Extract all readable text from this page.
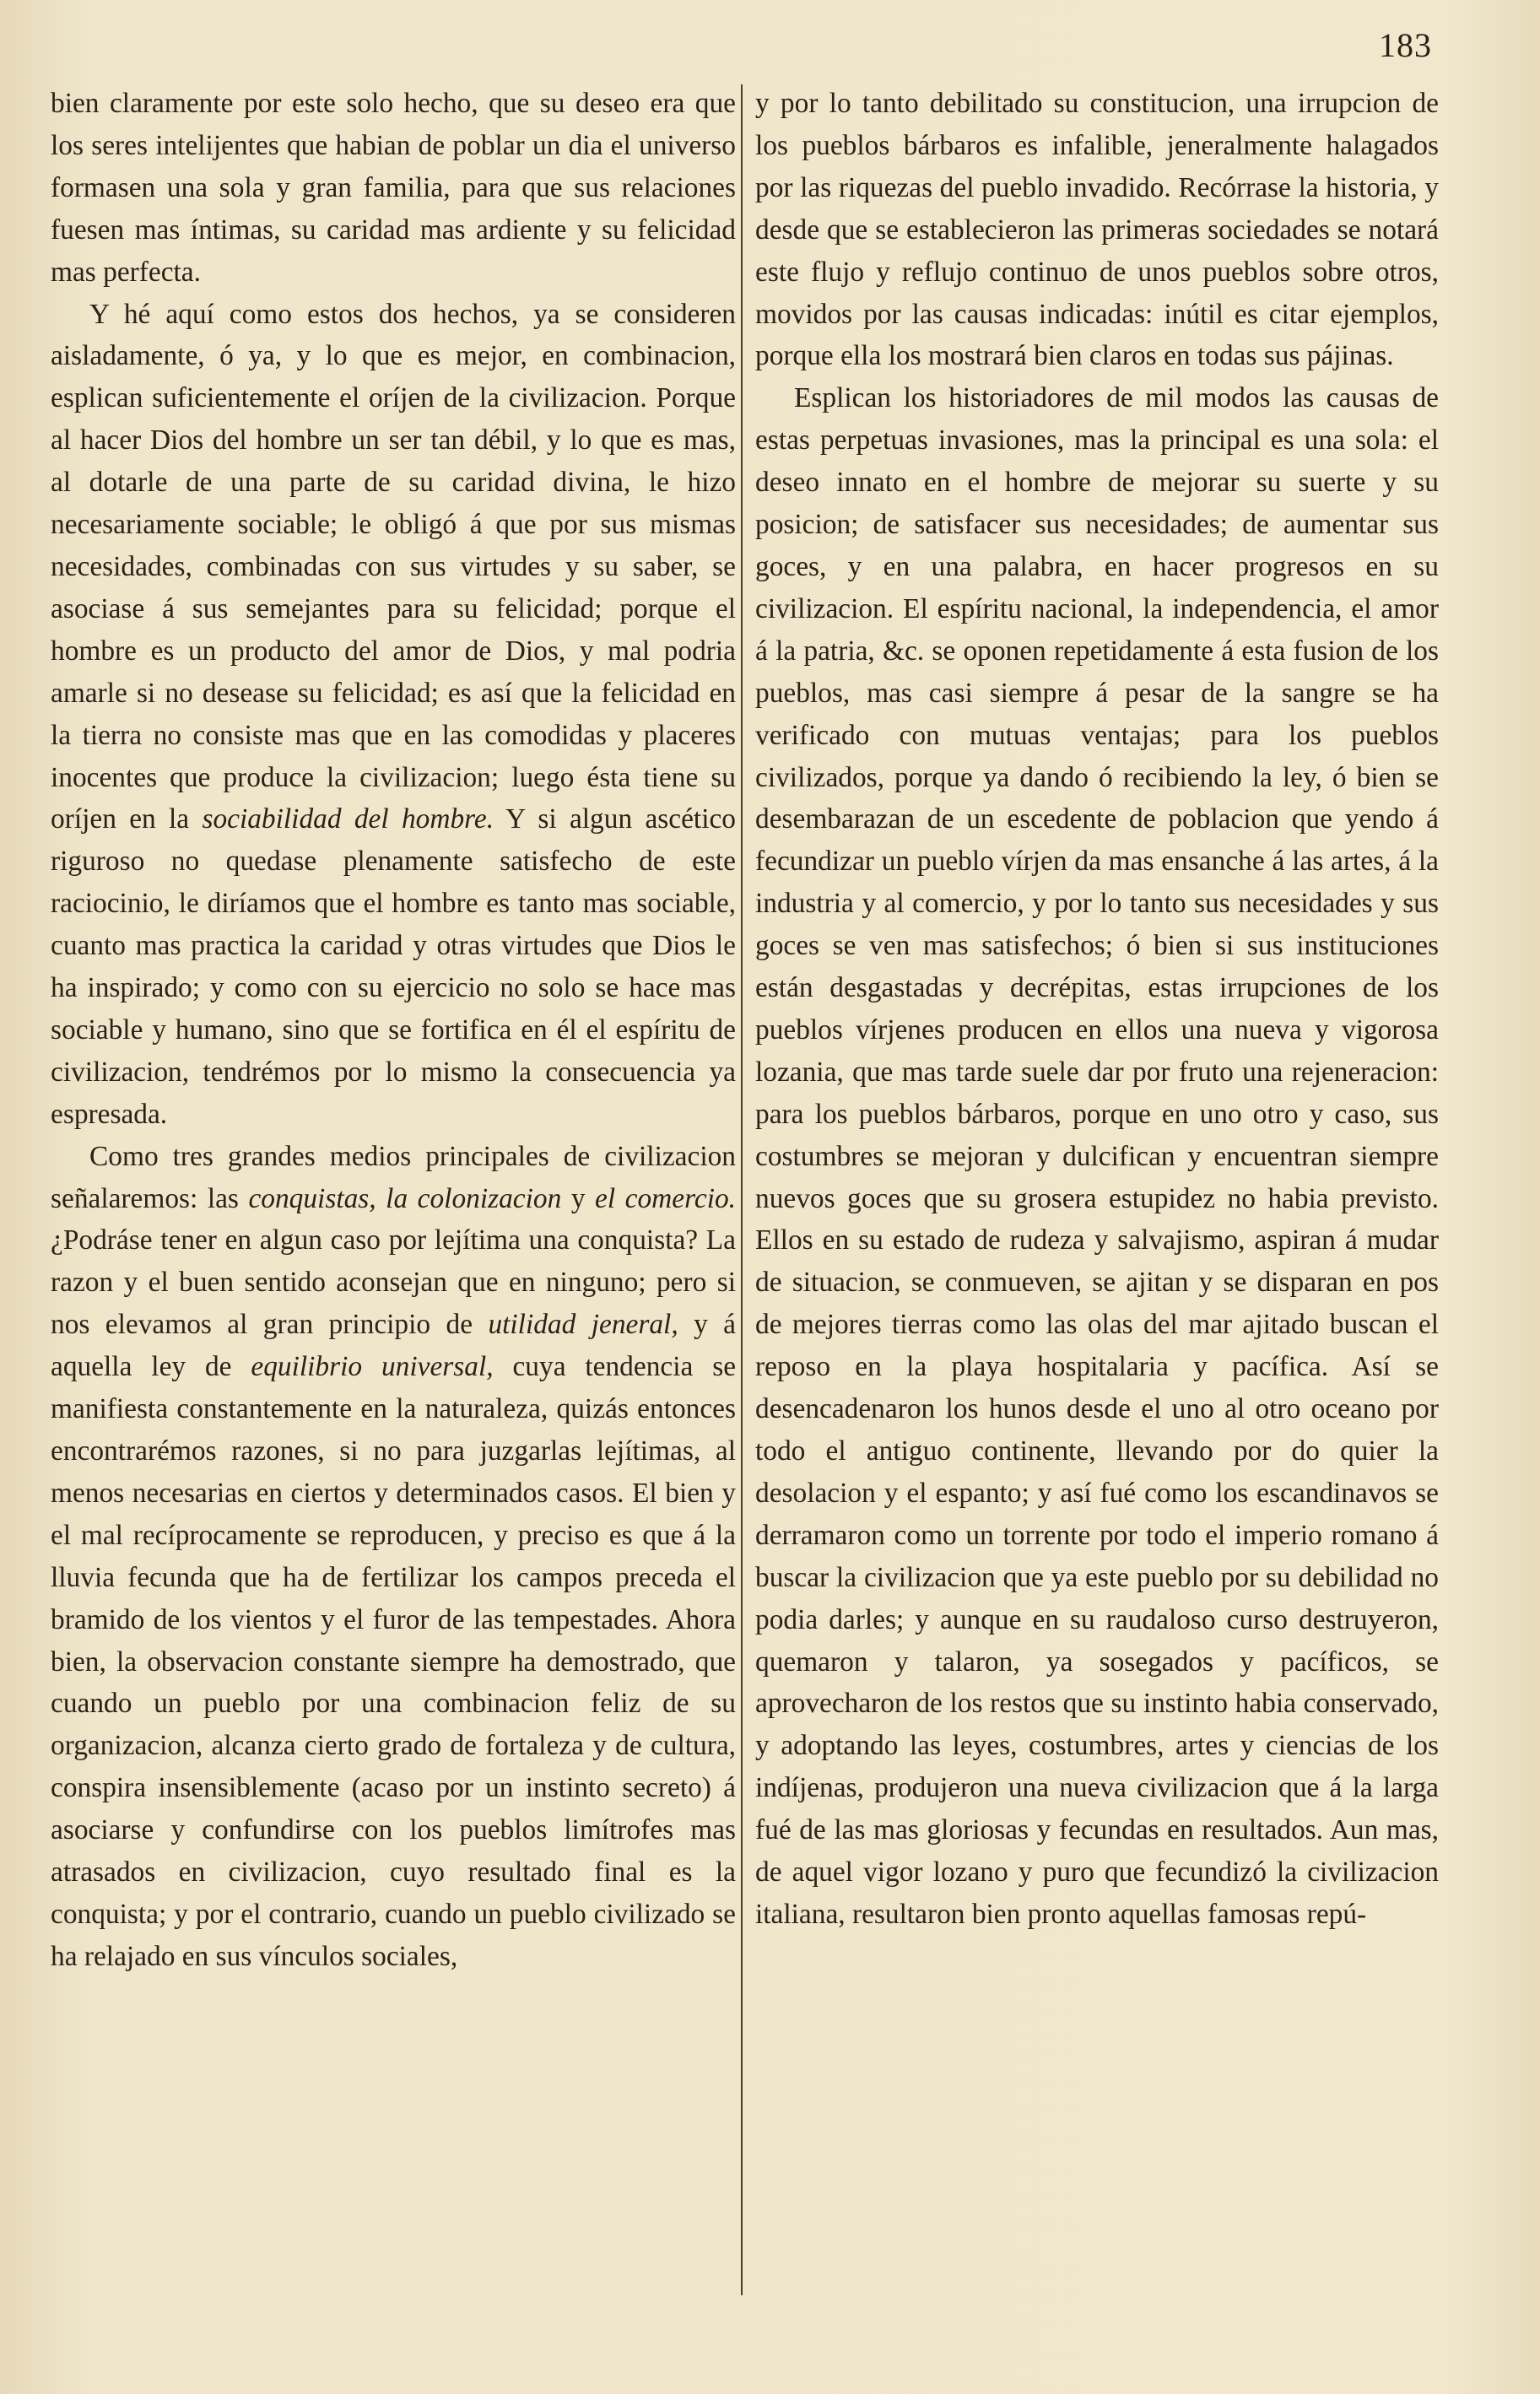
183

bien claramente por este solo hecho, que su deseo era que los seres intelijentes que habian de poblar un dia el universo formasen una sola y gran familia, para que sus relaciones fuesen mas íntimas, su caridad mas ardiente y su felicidad mas perfecta.

Y hé aquí como estos dos hechos, ya se consideren aisladamente, ó ya, y lo que es mejor, en combinacion, esplican suficientemente el oríjen de la civilizacion. Porque al hacer Dios del hombre un ser tan débil, y lo que es mas, al dotarle de una parte de su caridad divina, le hizo necesariamente sociable; le obligó á que por sus mismas necesidades, combinadas con sus virtudes y su saber, se asociase á sus semejantes para su felicidad; porque el hombre es un producto del amor de Dios, y mal podria amarle si no desease su felicidad; es así que la felicidad en la tierra no consiste mas que en las comodidas y placeres inocentes que produce la civilizacion; luego ésta tiene su oríjen en la sociabilidad del hombre. Y si algun ascético riguroso no quedase plenamente satisfecho de este raciocinio, le diríamos que el hombre es tanto mas sociable, cuanto mas practica la caridad y otras virtudes que Dios le ha inspirado; y como con su ejercicio no solo se hace mas sociable y humano, sino que se fortifica en él el espíritu de civilizacion, tendrémos por lo mismo la consecuencia ya espresada.

Como tres grandes medios principales de civilizacion señalaremos: las conquistas, la colonizacion y el comercio. ¿Podráse tener en algun caso por lejítima una conquista? La razon y el buen sentido aconsejan que en ninguno; pero si nos elevamos al gran principio de utilidad jeneral, y á aquella ley de equilibrio universal, cuya tendencia se manifiesta constantemente en la naturaleza, quizás entonces encontrarémos razones, si no para juzgarlas lejítimas, al menos necesarias en ciertos y determinados casos. El bien y el mal recíprocamente se reproducen, y preciso es que á la lluvia fecunda que ha de fertilizar los campos preceda el bramido de los vientos y el furor de las tempestades. Ahora bien, la observacion constante siempre ha demostrado, que cuando un pueblo por una combinacion feliz de su organizacion, alcanza cierto grado de fortaleza y de cultura, conspira insensiblemente (acaso por un instinto secreto) á asociarse y confundirse con los pueblos limítrofes mas atrasados en civilizacion, cuyo resultado final es la conquista; y por el contrario, cuando un pueblo civilizado se ha relajado en sus vínculos sociales,

y por lo tanto debilitado su constitucion, una irrupcion de los pueblos bárbaros es infalible, jeneralmente halagados por las riquezas del pueblo invadido. Recórrase la historia, y desde que se establecieron las primeras sociedades se notará este flujo y reflujo continuo de unos pueblos sobre otros, movidos por las causas indicadas: inútil es citar ejemplos, porque ella los mostrará bien claros en todas sus pájinas.

Esplican los historiadores de mil modos las causas de estas perpetuas invasiones, mas la principal es una sola: el deseo innato en el hombre de mejorar su suerte y su posicion; de satisfacer sus necesidades; de aumentar sus goces, y en una palabra, en hacer progresos en su civilizacion. El espíritu nacional, la independencia, el amor á la patria, &c. se oponen repetidamente á esta fusion de los pueblos, mas casi siempre á pesar de la sangre se ha verificado con mutuas ventajas; para los pueblos civilizados, porque ya dando ó recibiendo la ley, ó bien se desembarazan de un escedente de poblacion que yendo á fecundizar un pueblo vírjen da mas ensanche á las artes, á la industria y al comercio, y por lo tanto sus necesidades y sus goces se ven mas satisfechos; ó bien si sus instituciones están desgastadas y decrépitas, estas irrupciones de los pueblos vírjenes producen en ellos una nueva y vigorosa lozania, que mas tarde suele dar por fruto una rejeneracion: para los pueblos bárbaros, porque en uno otro y caso, sus costumbres se mejoran y dulcifican y encuentran siempre nuevos goces que su grosera estupidez no habia previsto. Ellos en su estado de rudeza y salvajismo, aspiran á mudar de situacion, se conmueven, se ajitan y se disparan en pos de mejores tierras como las olas del mar ajitado buscan el reposo en la playa hospitalaria y pacífica. Así se desencadenaron los hunos desde el uno al otro oceano por todo el antiguo continente, llevando por do quier la desolacion y el espanto; y así fué como los escandinavos se derramaron como un torrente por todo el imperio romano á buscar la civilizacion que ya este pueblo por su debilidad no podia darles; y aunque en su raudaloso curso destruyeron, quemaron y talaron, ya sosegados y pacíficos, se aprovecharon de los restos que su instinto habia conservado, y adoptando las leyes, costumbres, artes y ciencias de los indíjenas, produjeron una nueva civilizacion que á la larga fué de las mas gloriosas y fecundas en resultados. Aun mas, de aquel vigor lozano y puro que fecundizó la civilizacion italiana, resultaron bien pronto aquellas famosas repú-
